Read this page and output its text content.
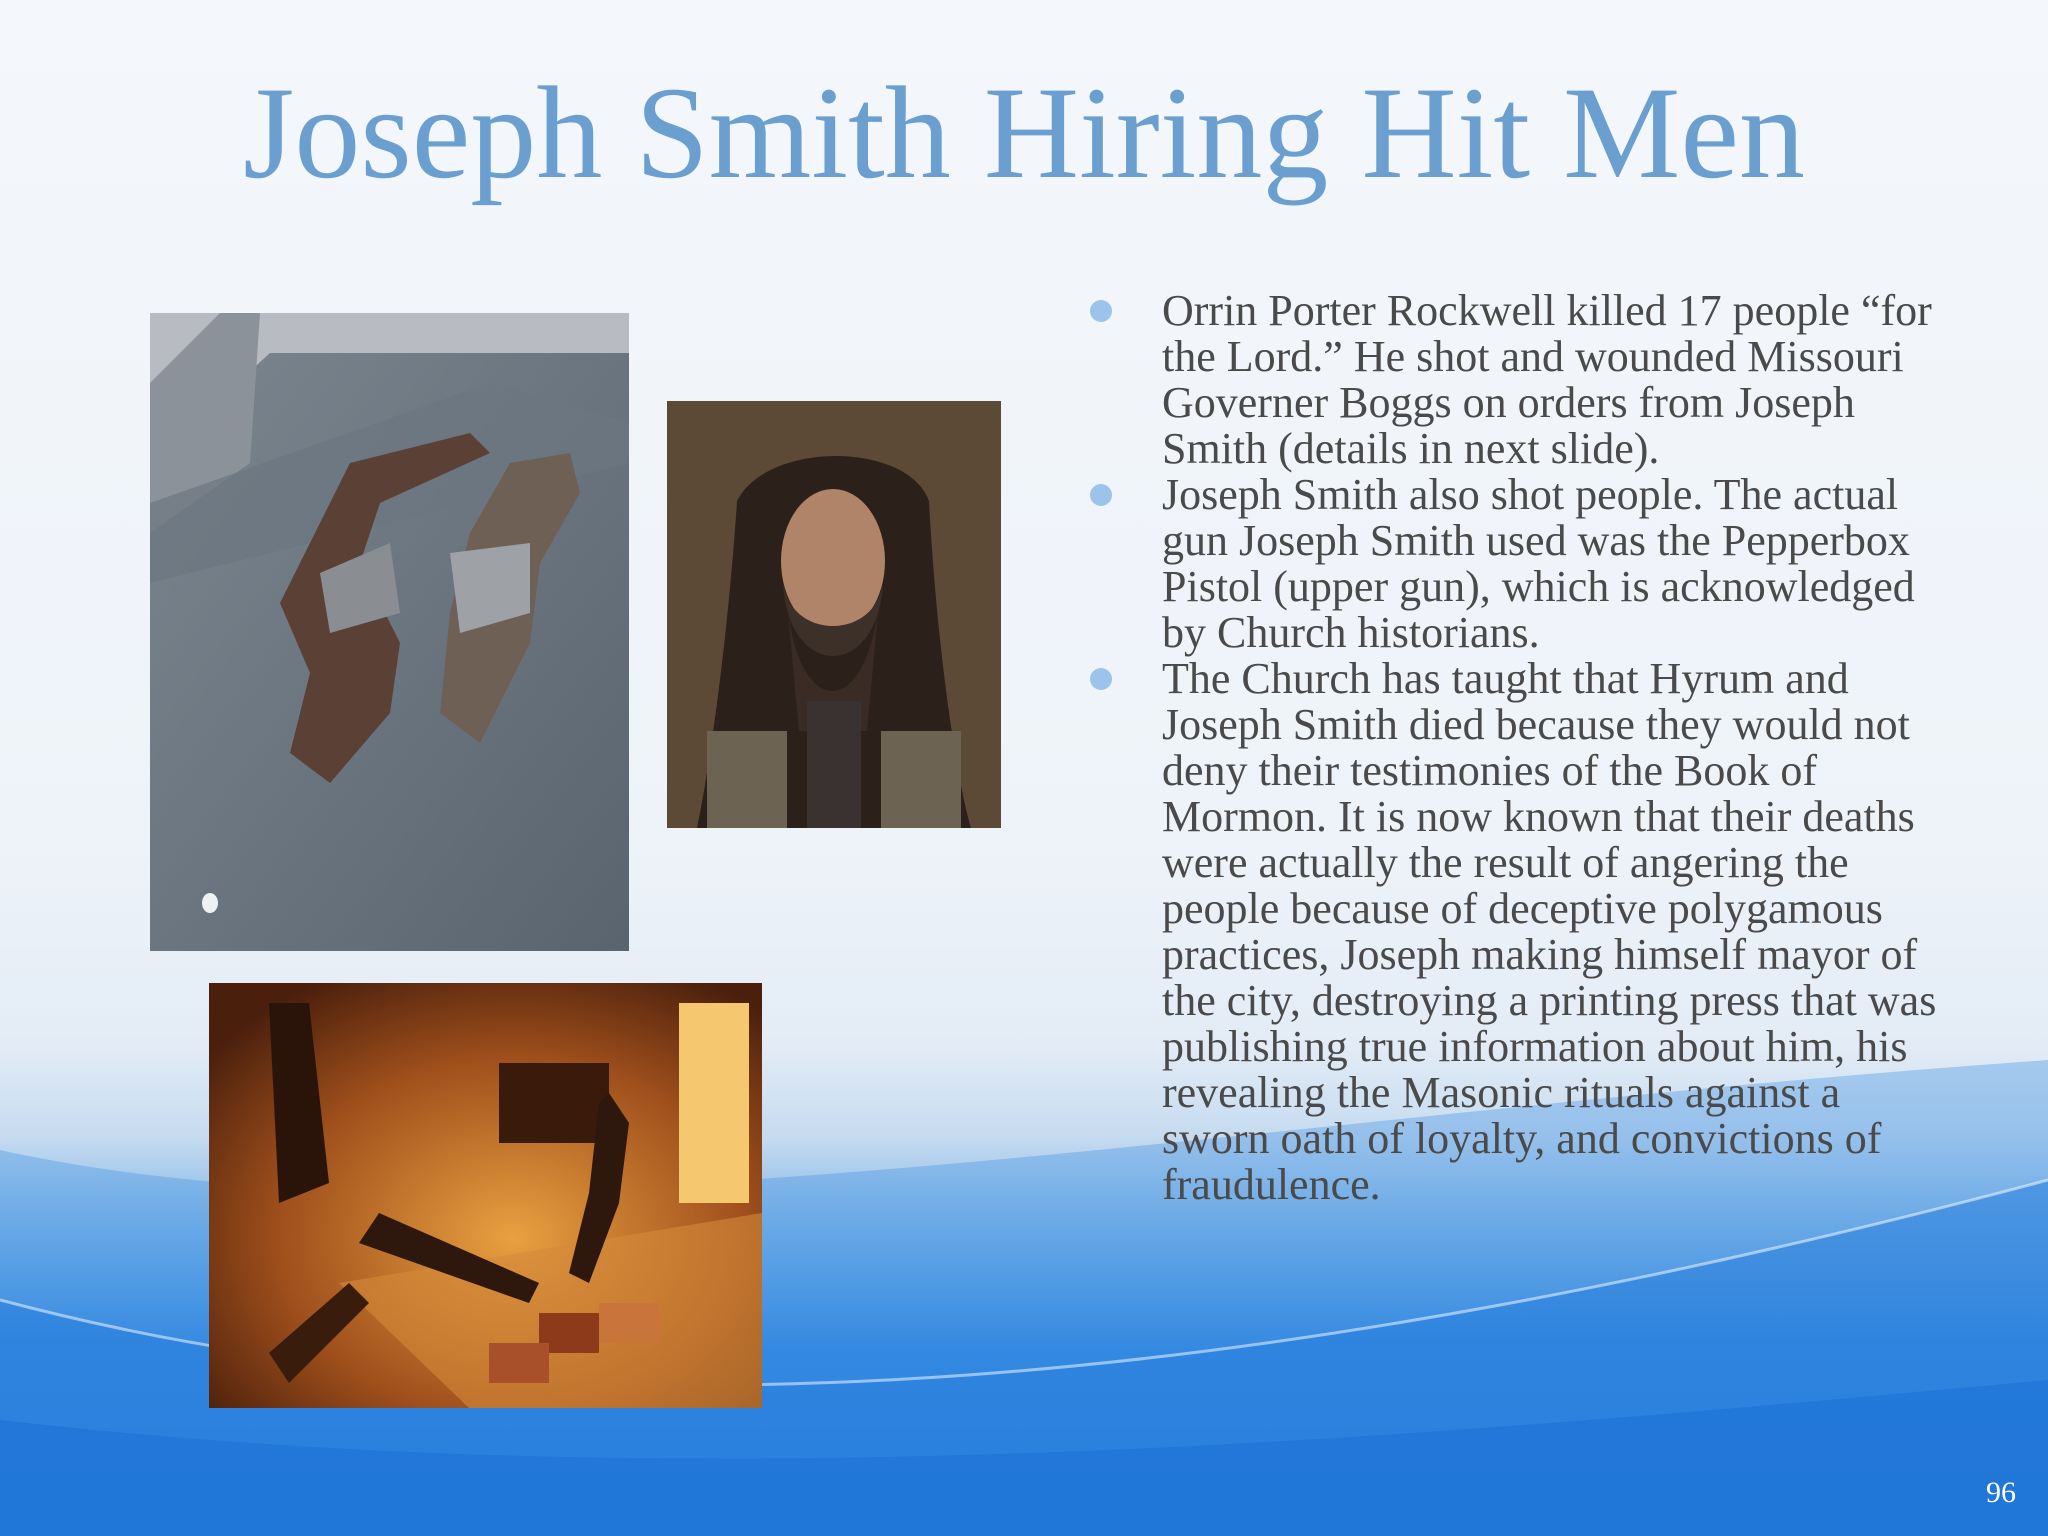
Joseph Smith Hiring Hit Men
Orrin Porter Rockwell killed 17 people “for the Lord.” He shot and wounded Missouri Governer Boggs on orders from Joseph Smith (details in next slide).
Joseph Smith also shot people. The actual gun Joseph Smith used was the Pepperbox Pistol (upper gun), which is acknowledged by Church historians.
The Church has taught that Hyrum and Joseph Smith died because they would not deny their testimonies of the Book of Mormon. It is now known that their deaths were actually the result of angering the people because of deceptive polygamous practices, Joseph making himself mayor of the city, destroying a printing press that was publishing true information about him, his revealing the Masonic rituals against a sworn oath of loyalty, and convictions of fraudulence.
96
